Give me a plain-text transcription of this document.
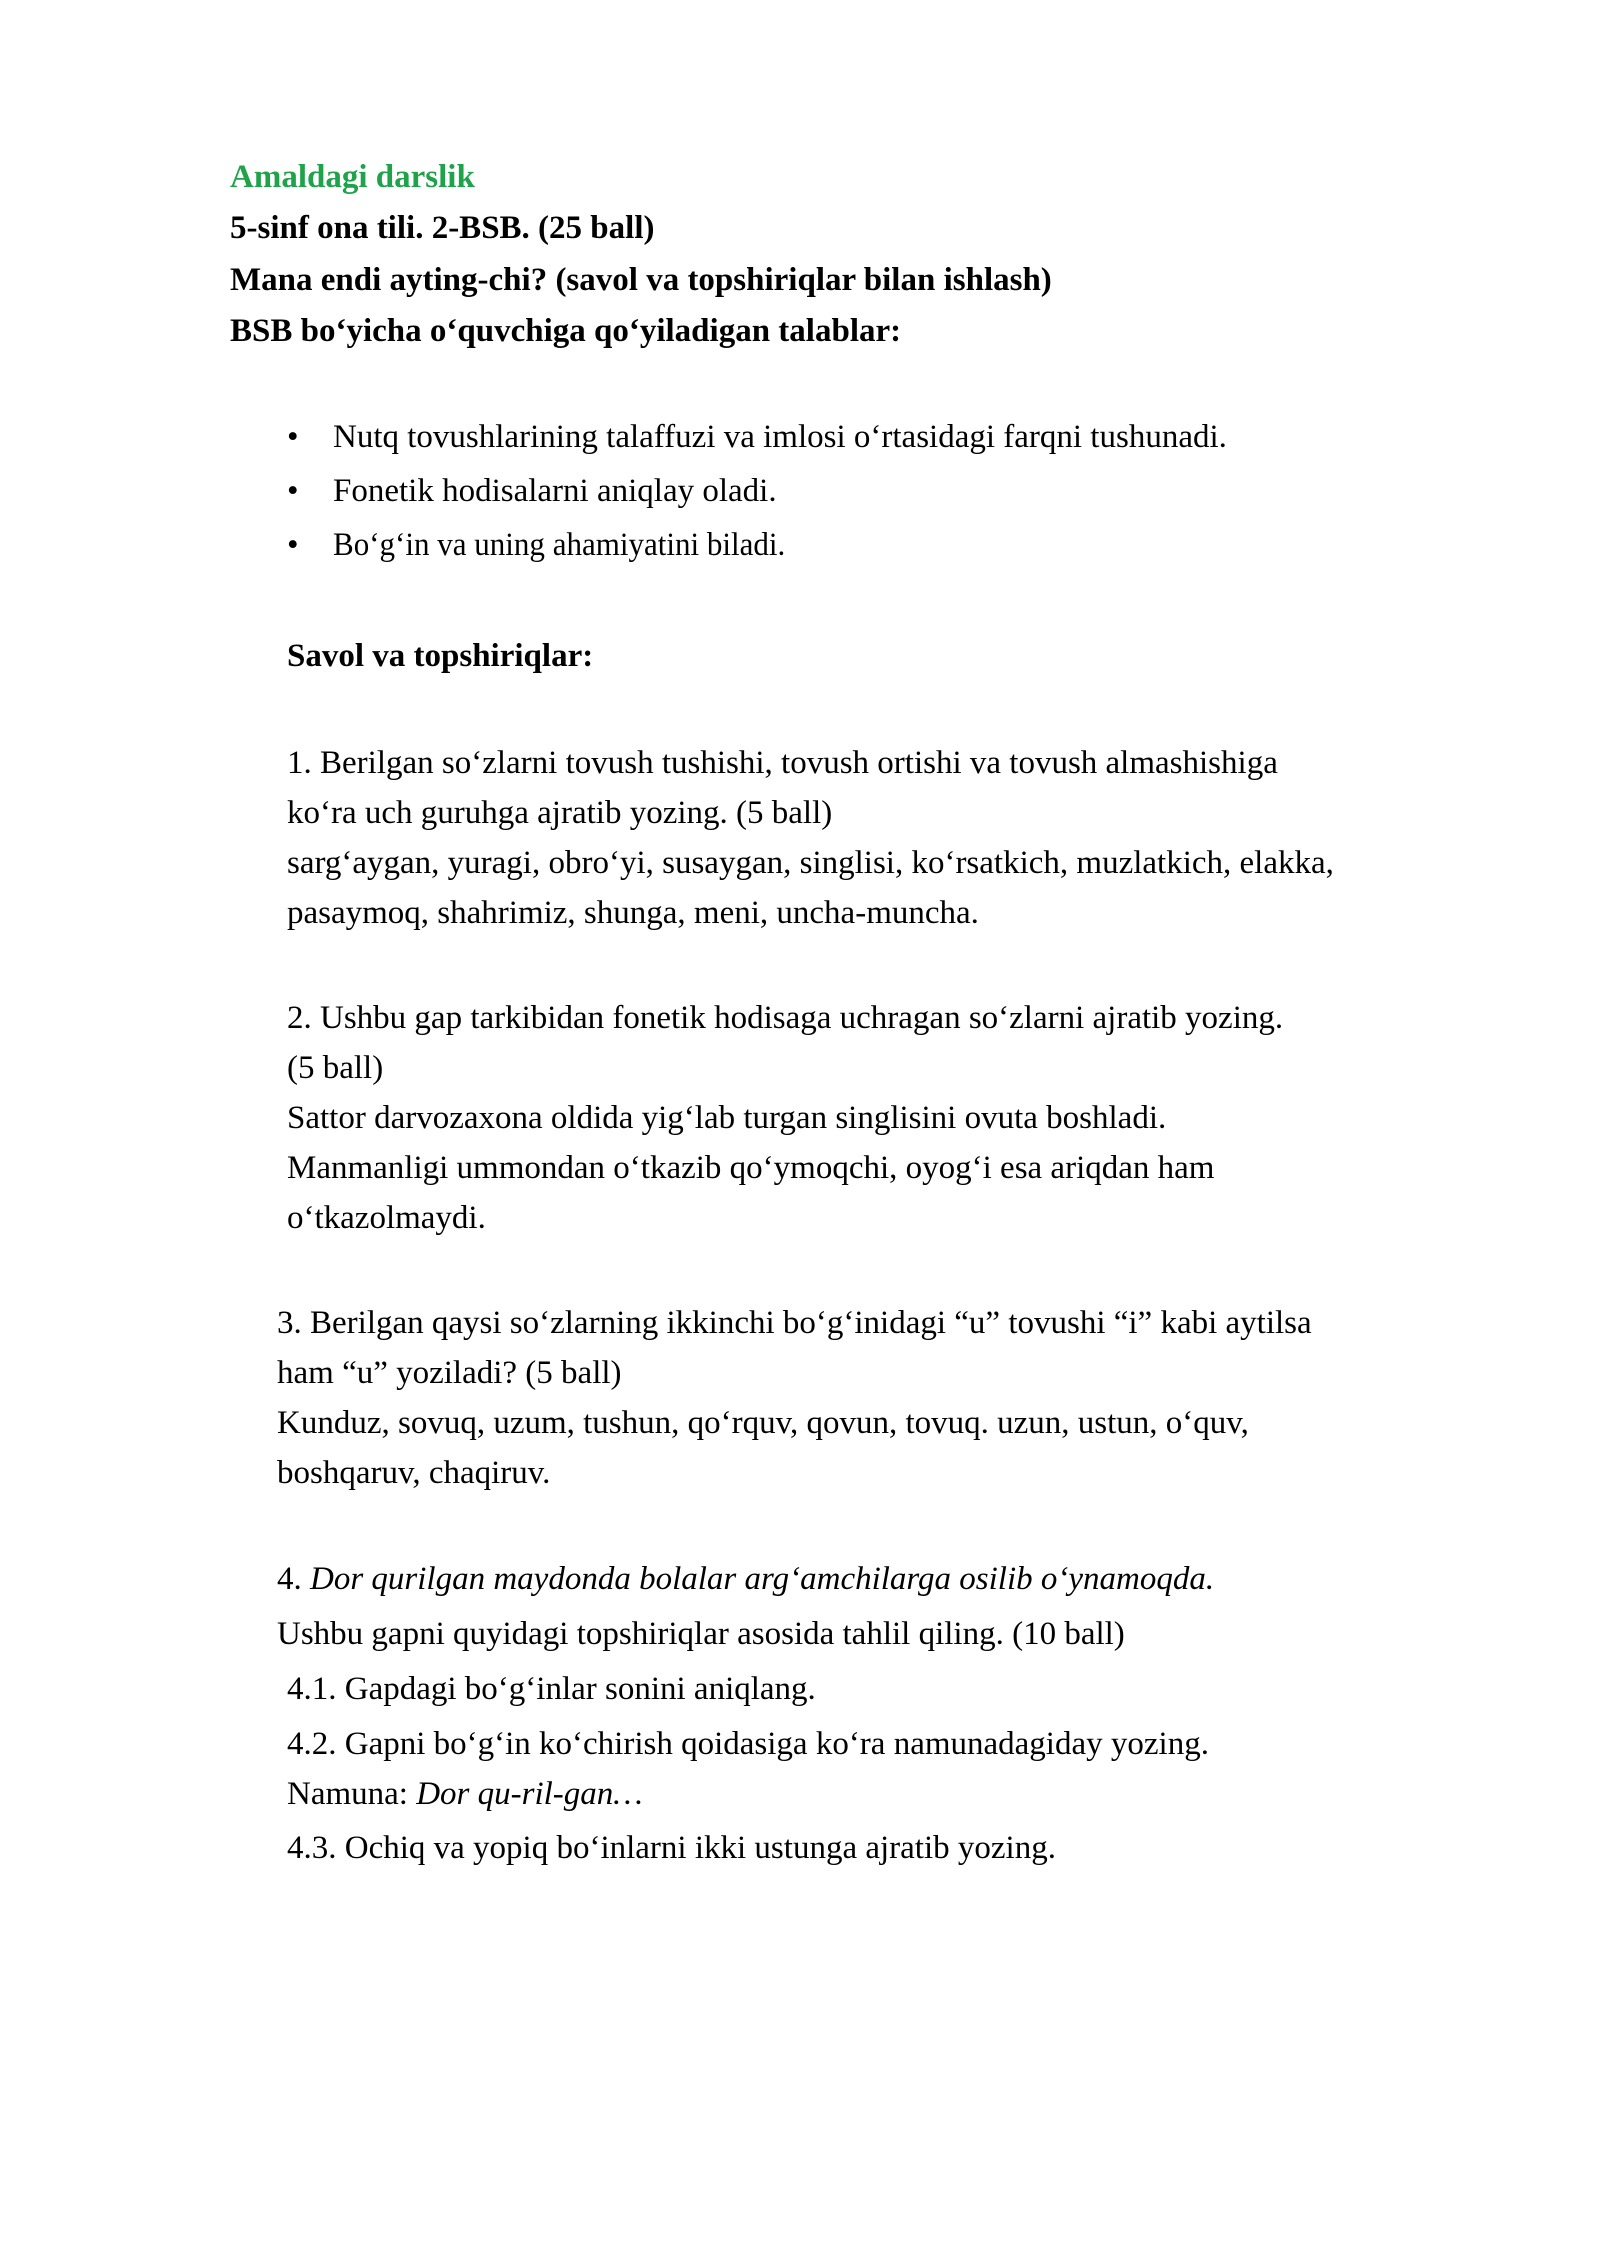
Amaldagi darslik
5-sinf ona tili. 2-BSB. (25 ball)
Mana endi ayting-chi? (savol va topshiriqlar bilan ishlash)
BSB bo‘yicha o‘quvchiga qo‘yiladigan talablar:
• Nutq tovushlarining talaffuzi va imlosi o‘rtasidagi farqni tushunadi.
• Fonetik hodisalarni aniqlay oladi.
• Bo‘g‘in va uning ahamiyatini biladi.
Savol va topshiriqlar:
1. Berilgan so‘zlarni tovush tushishi, tovush ortishi va tovush almashishiga
ko‘ra uch guruhga ajratib yozing. (5 ball)
sarg‘aygan, yuragi, obro‘yi, susaygan, singlisi, ko‘rsatkich, muzlatkich, elakka,
pasaymoq, shahrimiz, shunga, meni, uncha-muncha.
2. Ushbu gap tarkibidan fonetik hodisaga uchragan so‘zlarni ajratib yozing.
(5 ball)
Sattor darvozaxona oldida yig‘lab turgan singlisini ovuta boshladi.
Manmanligi ummondan o‘tkazib qo‘ymoqchi, oyog‘i esa ariqdan ham
o‘tkazolmaydi.
3. Berilgan qaysi so‘zlarning ikkinchi bo‘g‘inidagi “u” tovushi “i” kabi aytilsa
ham “u” yoziladi? (5 ball)
Kunduz, sovuq, uzum, tushun, qo‘rquv, qovun, tovuq. uzun, ustun, o‘quv,
boshqaruv, chaqiruv.
4. Dor qurilgan maydonda bolalar arg‘amchilarga osilib o‘ynamoqda.
Ushbu gapni quyidagi topshiriqlar asosida tahlil qiling. (10 ball)
4.1. Gapdagi bo‘g‘inlar sonini aniqlang.
4.2. Gapni bo‘g‘in ko‘chirish qoidasiga ko‘ra namunadagiday yozing.
Namuna: Dor qu-ril-gan…
4.3. Ochiq va yopiq bo‘inlarni ikki ustunga ajratib yozing.
